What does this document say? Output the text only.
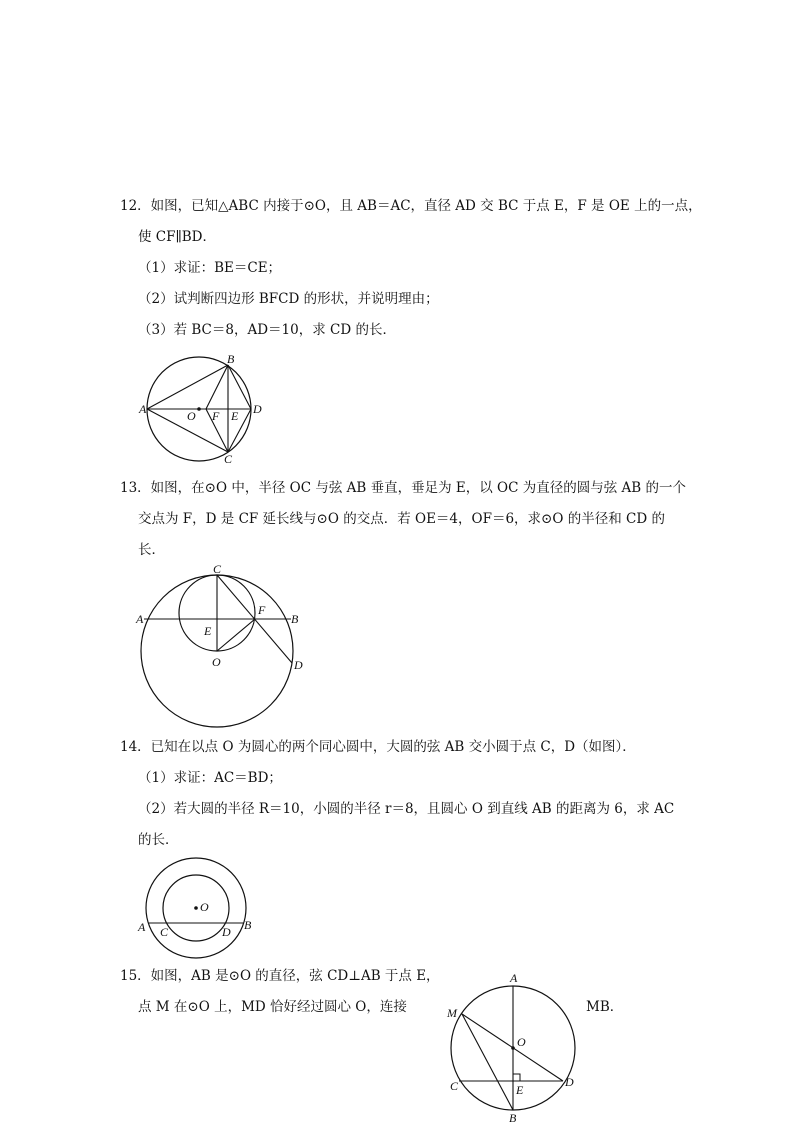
12．如图，已知△ABC 内接于⊙O，且 AB＝AC，直径 AD 交 BC 于点 E，F 是 OE 上的一点，
使 CF∥BD．
（1）求证：BE＝CE；
（2）试判断四边形 BFCD 的形状，并说明理由；
（3）若 BC＝8，AD＝10，求 CD 的长．
A
B
C
D
O F E
13．如图，在⊙O 中，半径 OC 与弦 AB 垂直，垂足为 E，以 OC 为直径的圆与弦 AB 的一个
交点为 F，D 是 CF 延长线与⊙O 的交点．若 OE＝4，OF＝6，求⊙O 的半径和 CD 的
长．
C
A
F
B
E
O	D
14．已知在以点 O 为圆心的两个同心圆中，大圆的弦 AB 交小圆于点 C，D（如图）．
（1）求证：AC＝BD；
（2）若大圆的半径 R＝10，小圆的半径 r＝8，且圆心 O 到直线 AB 的距离为 6，求 AC
的长．
O
A C	D B
15．如图，AB 是⊙O 的直径，弦 CD⊥AB 于点 E，
点 M 在⊙O 上，MD 恰好经过圆心 O，连接	MB．
A
M
O
C	E
D
B
